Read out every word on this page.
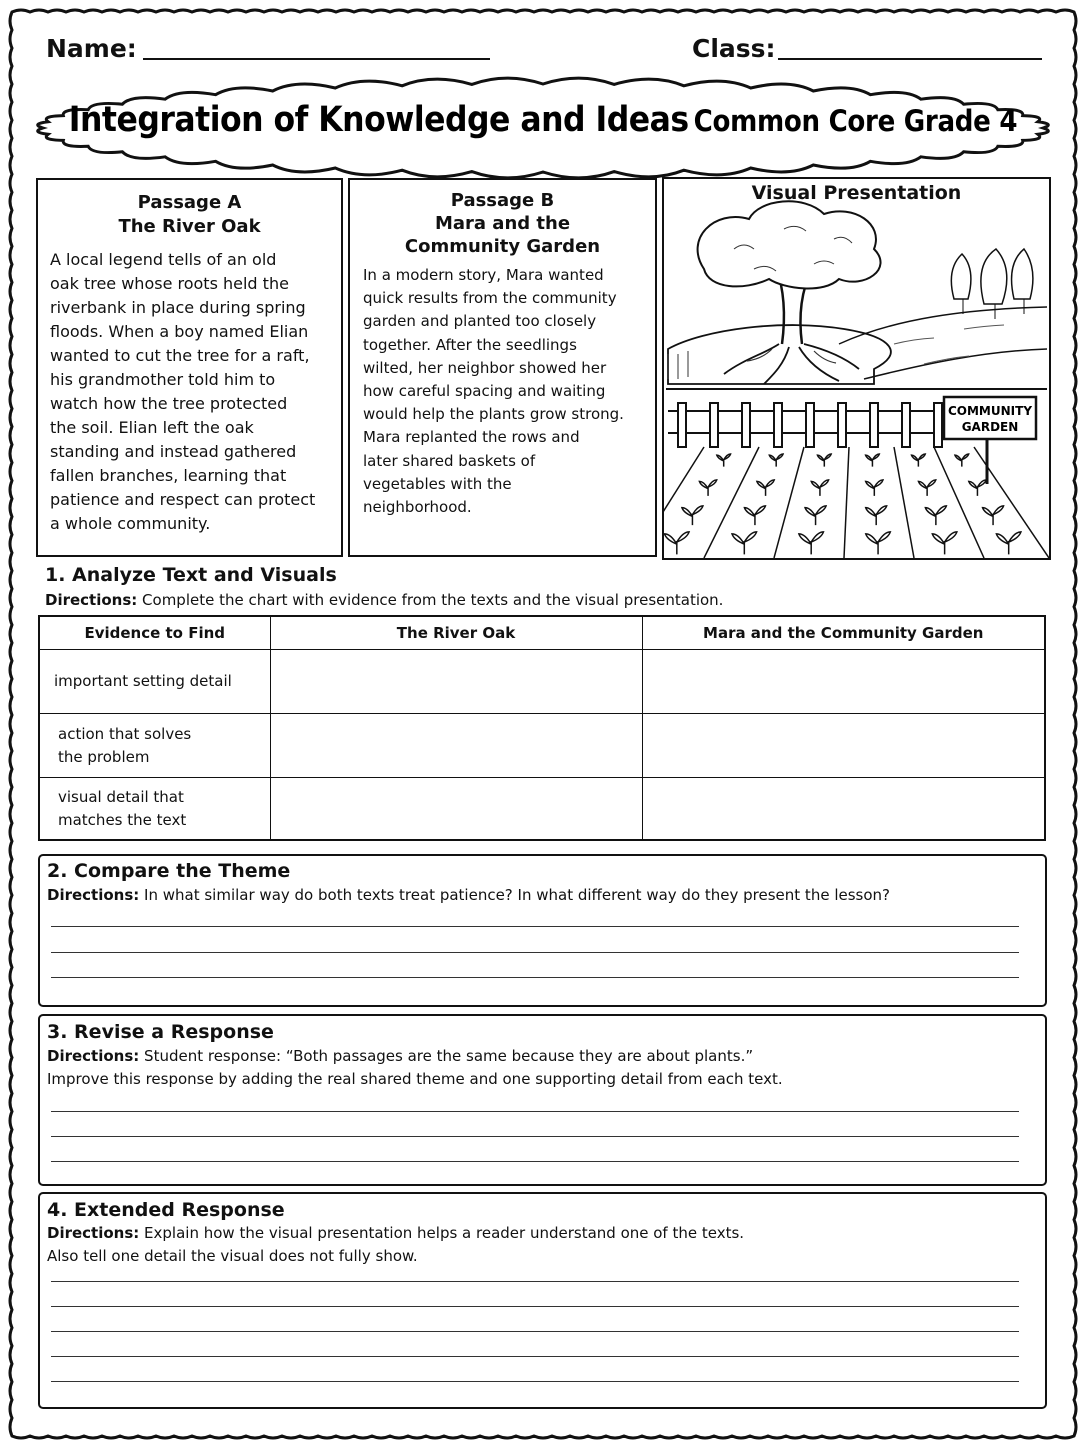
Name:	Class:
Integration of Knowledge and Ideas Common Core Grade 4
Passage A
The River Oak
A local legend tells of an old
oak tree whose roots held the
riverbank in place during spring
floods. When a boy named Elian
wanted to cut the tree for a raft,
his grandmother told him to
watch how the tree protected
the soil. Elian left the oak
standing and instead gathered
fallen branches, learning that
patience and respect can protect
a whole community.
Passage B
Mara and the
Community Garden
In a modern story, Mara wanted
quick results from the community
garden and planted too closely
together. After the seedlings
wilted, her neighbor showed her
how careful spacing and waiting
would help the plants grow strong.
Mara replanted the rows and
later shared baskets of
vegetables with the
neighborhood.
Visual Presentation
COMMUNITY
GARDEN
1. Analyze Text and Visuals
Directions: Complete the chart with evidence from the texts and the visual presentation.
Evidence to Find	The River Oak	Mara and the Community Garden
important setting detail		
action that solves
the problem		
visual detail that
matches the text		
2. Compare the Theme
Directions: In what similar way do both texts treat patience? In what different way do they present the lesson?
3. Revise a Response
Directions: Student response: “Both passages are the same because they are about plants.”
Improve this response by adding the real shared theme and one supporting detail from each text.
4. Extended Response
Directions: Explain how the visual presentation helps a reader understand one of the texts.
Also tell one detail the visual does not fully show.
